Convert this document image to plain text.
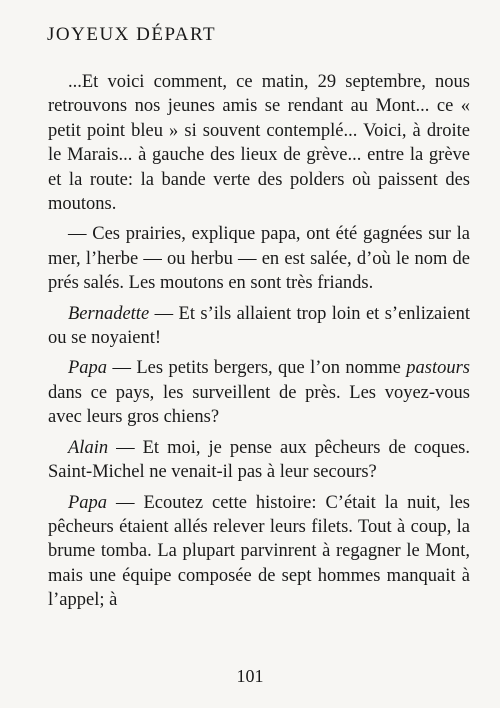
JOYEUX DÉPART

...Et voici comment, ce matin, 29 septembre, nous retrouvons nos jeunes amis se rendant au Mont... ce « petit point bleu » si souvent contemplé... Voici, à droite le Marais... à gauche des lieux de grève... entre la grève et la route: la bande verte des polders où paissent des moutons.

— Ces prairies, explique papa, ont été gagnées sur la mer, l’herbe — ou herbu — en est salée, d’où le nom de prés salés. Les moutons en sont très friands.

Bernadette — Et s’ils allaient trop loin et s’enlizaient ou se noyaient!

Papa — Les petits bergers, que l’on nomme pastours dans ce pays, les surveillent de près. Les voyez-vous avec leurs gros chiens?

Alain — Et moi, je pense aux pêcheurs de coques. Saint-Michel ne venait-il pas à leur secours?

Papa — Ecoutez cette histoire: C’était la nuit, les pêcheurs étaient allés relever leurs filets. Tout à coup, la brume tomba. La plupart parvinrent à regagner le Mont, mais une équipe composée de sept hommes manquait à l’appel; à

101
